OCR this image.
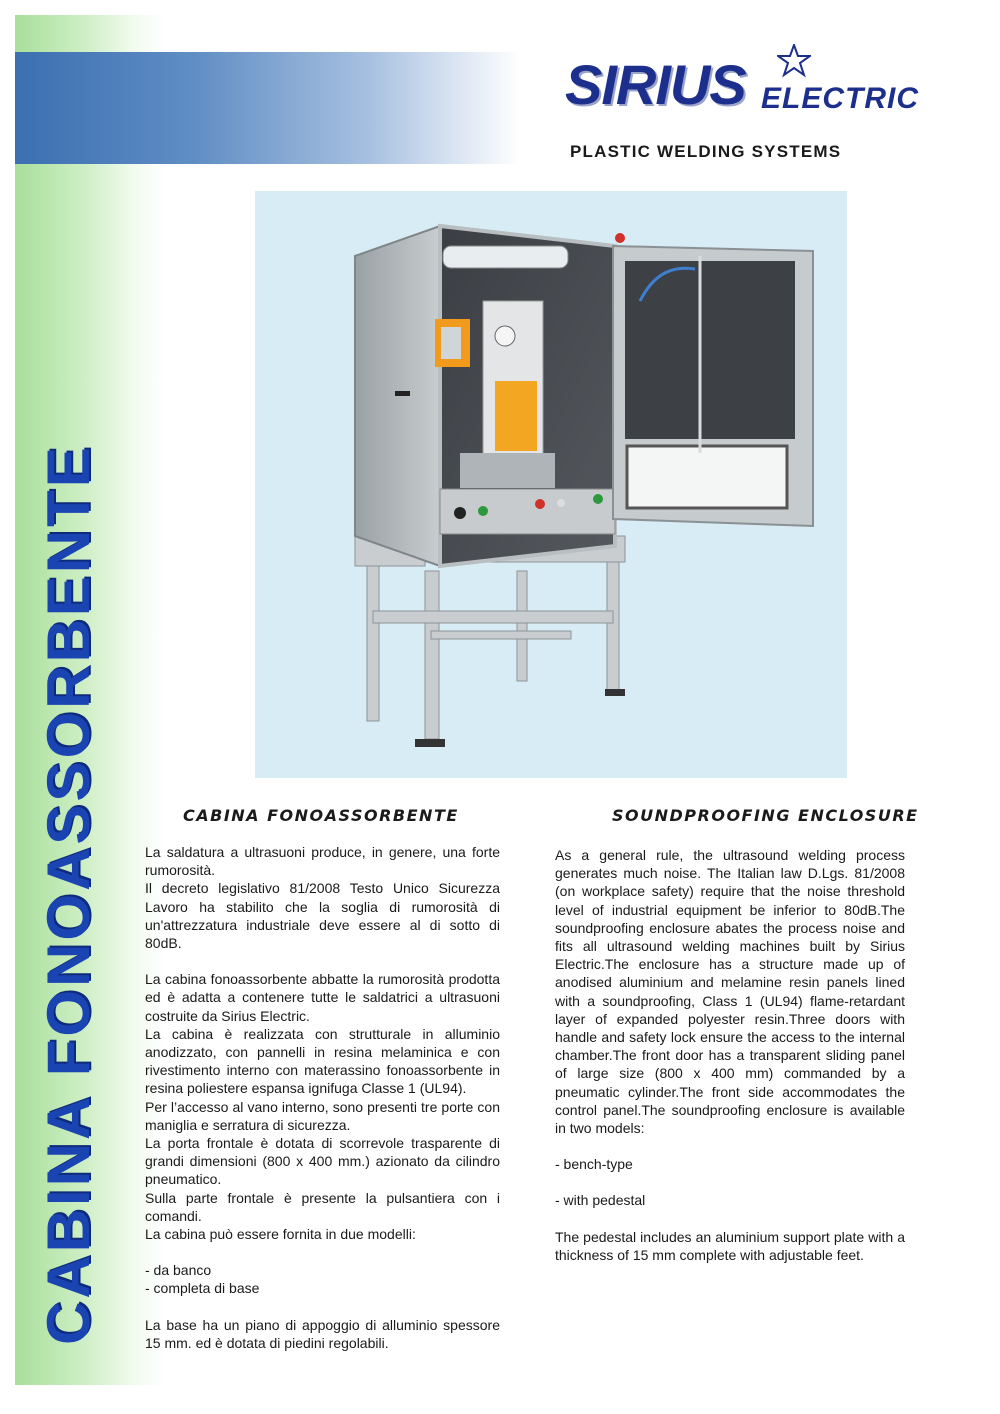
CABINA FONOASSORBENTE
SIRIUS ELECTRIC
PLASTIC WELDING SYSTEMS
CABINA FONOASSORBENTE	SOUNDPROOFING ENCLOSURE

La saldatura a ultrasuoni produce, in genere, una forte rumorosità.

Il decreto legislativo 81/2008 Testo Unico Sicurezza Lavoro ha stabilito che la soglia di rumorosità di un'attrezzatura industriale deve essere al di sotto di 80dB.

La cabina fonoassorbente abbatte la rumorosità prodotta ed è adatta a contenere tutte le saldatrici a ultrasuoni costruite da Sirius Electric.

La cabina è realizzata con strutturale in alluminio anodizzato, con pannelli in resina melaminica e con rivestimento interno con materassino fonoassorbente in resina poliestere espansa ignifuga Classe 1 (UL94).

Per l’accesso al vano interno, sono presenti tre porte con maniglia e serratura di sicurezza.

La porta frontale è dotata di scorrevole trasparente di grandi dimensioni (800 x 400 mm.) azionato da cilindro pneumatico.

Sulla parte frontale è presente la pulsantiera con i comandi.

La cabina può essere fornita in due modelli:

- da banco

- completa di base

La base ha un piano di appoggio di alluminio spessore 15 mm. ed è dotata di piedini regolabili.

As a general rule, the ultrasound welding process generates much noise. The Italian law D.Lgs. 81/2008 (on workplace safety) require that the noise threshold level of industrial equipment be inferior to 80dB.The soundproofing enclosure abates the process noise and fits all ultrasound welding machines built by Sirius Electric.The enclosure has a structure made up of anodised aluminium and melamine resin panels lined with a soundproofing, Class 1 (UL94) flame-retardant layer of expanded polyester resin.Three doors with handle and safety lock ensure the access to the internal chamber.The front door has a transparent sliding panel of large size (800 x 400 mm) commanded by a pneumatic cylinder.The front side accommodates the control panel.The soundproofing enclosure is available in two models:

- bench-type

- with pedestal

The pedestal includes an aluminium support plate with a thickness of 15 mm complete with adjustable feet.
